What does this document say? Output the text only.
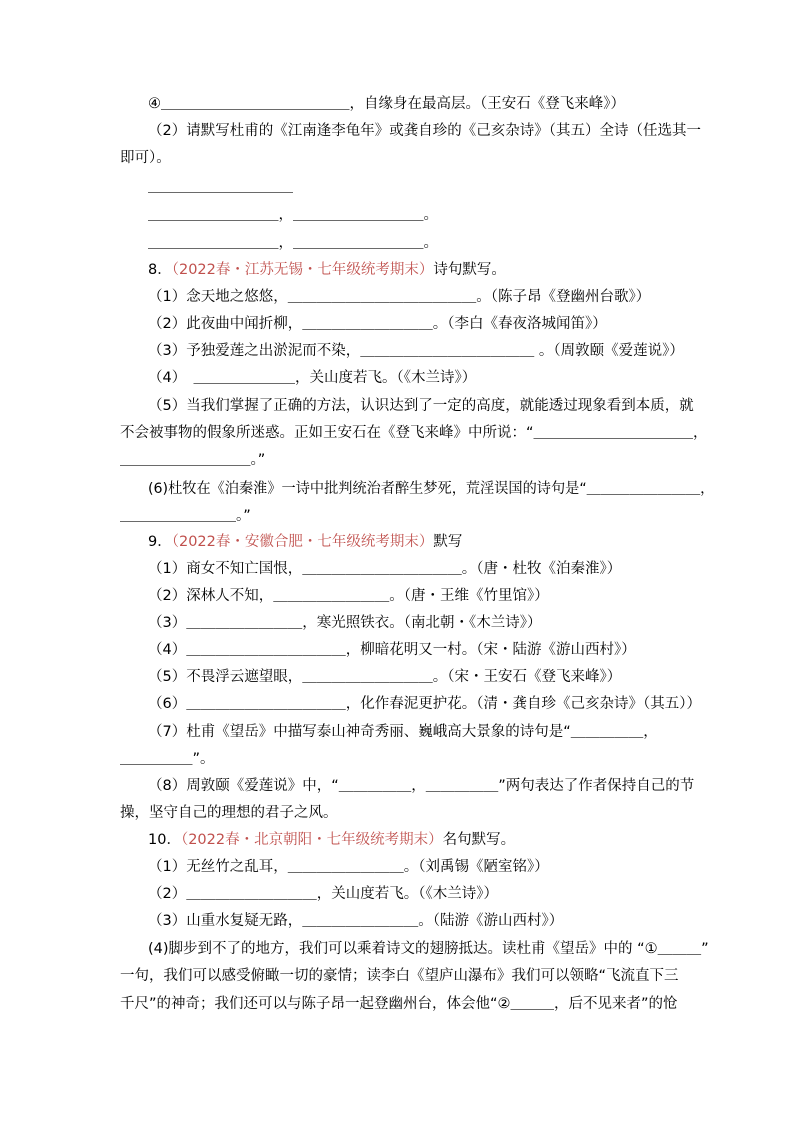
④＿＿＿＿＿＿＿＿＿＿＿＿＿，自缘身在最高层。（王安石《登飞来峰》）
（2）请默写杜甫的《江南逢李龟年》或龚自珍的《己亥杂诗》（其五）全诗（任选其一
即可）。
＿＿＿＿＿＿＿＿＿＿
＿＿＿＿＿＿＿＿＿，＿＿＿＿＿＿＿＿＿。
＿＿＿＿＿＿＿＿＿，＿＿＿＿＿＿＿＿＿。
8．（2022春・江苏无锡・七年级统考期末）诗句默写。
（1）念天地之悠悠，＿＿＿＿＿＿＿＿＿＿＿＿＿。（陈子昂《登幽州台歌》）
（2）此夜曲中闻折柳，＿＿＿＿＿＿＿＿＿。（李白《春夜洛城闻笛》）
（3）予独爱莲之出淤泥而不染，＿＿＿＿＿＿＿＿＿＿＿＿ 。（周敦颐《爱莲说》）
（4）　＿＿＿＿＿＿＿，关山度若飞。（《木兰诗》）
（5）当我们掌握了正确的方法，认识达到了一定的高度，就能透过现象看到本质，就
不会被事物的假象所迷惑。正如王安石在《登飞来峰》中所说：“＿＿＿＿＿＿＿＿＿＿＿，
＿＿＿＿＿＿＿＿＿。”
(6)杜牧在《泊秦淮》一诗中批判统治者醉生梦死，荒淫误国的诗句是“＿＿＿＿＿＿＿＿，
＿＿＿＿＿＿＿＿。”
9．（2022春・安徽合肥・七年级统考期末）默写
（1）商女不知亡国恨，＿＿＿＿＿＿＿＿＿＿＿。（唐・杜牧《泊秦淮》）
（2）深林人不知，＿＿＿＿＿＿＿＿。（唐・王维《竹里馆》）
（3）＿＿＿＿＿＿＿＿，寒光照铁衣。（南北朝・《木兰诗》）
（4）＿＿＿＿＿＿＿＿＿＿＿，柳暗花明又一村。（宋・陆游《游山西村》）
（5）不畏浮云遮望眼，＿＿＿＿＿＿＿＿＿。（宋・王安石《登飞来峰》）
（6）＿＿＿＿＿＿＿＿＿＿＿，化作春泥更护花。（清・龚自珍《己亥杂诗》（其五））
（7）杜甫《望岳》中描写泰山神奇秀丽、巍峨高大景象的诗句是“＿＿＿＿＿，
＿＿＿＿＿”。
（8）周敦颐《爱莲说》中，“＿＿＿＿＿，＿＿＿＿＿”两句表达了作者保持自己的节
操，坚守自己的理想的君子之风。
10．（2022春・北京朝阳・七年级统考期末）名句默写。
（1）无丝竹之乱耳，＿＿＿＿＿＿＿＿。（刘禹锡《陋室铭》）
（2）＿＿＿＿＿＿＿＿＿，关山度若飞。（《木兰诗》）
（3）山重水复疑无路，＿＿＿＿＿＿＿＿。（陆游《游山西村》）
(4)脚步到不了的地方，我们可以乘着诗文的翅膀抵达。读杜甫《望岳》中的 “①＿＿＿”
一句，我们可以感受俯瞰一切的豪情；读李白《望庐山瀑布》我们可以领略“飞流直下三
千尺”的神奇；我们还可以与陈子昂一起登幽州台，体会他“②＿＿＿，后不见来者”的怆
